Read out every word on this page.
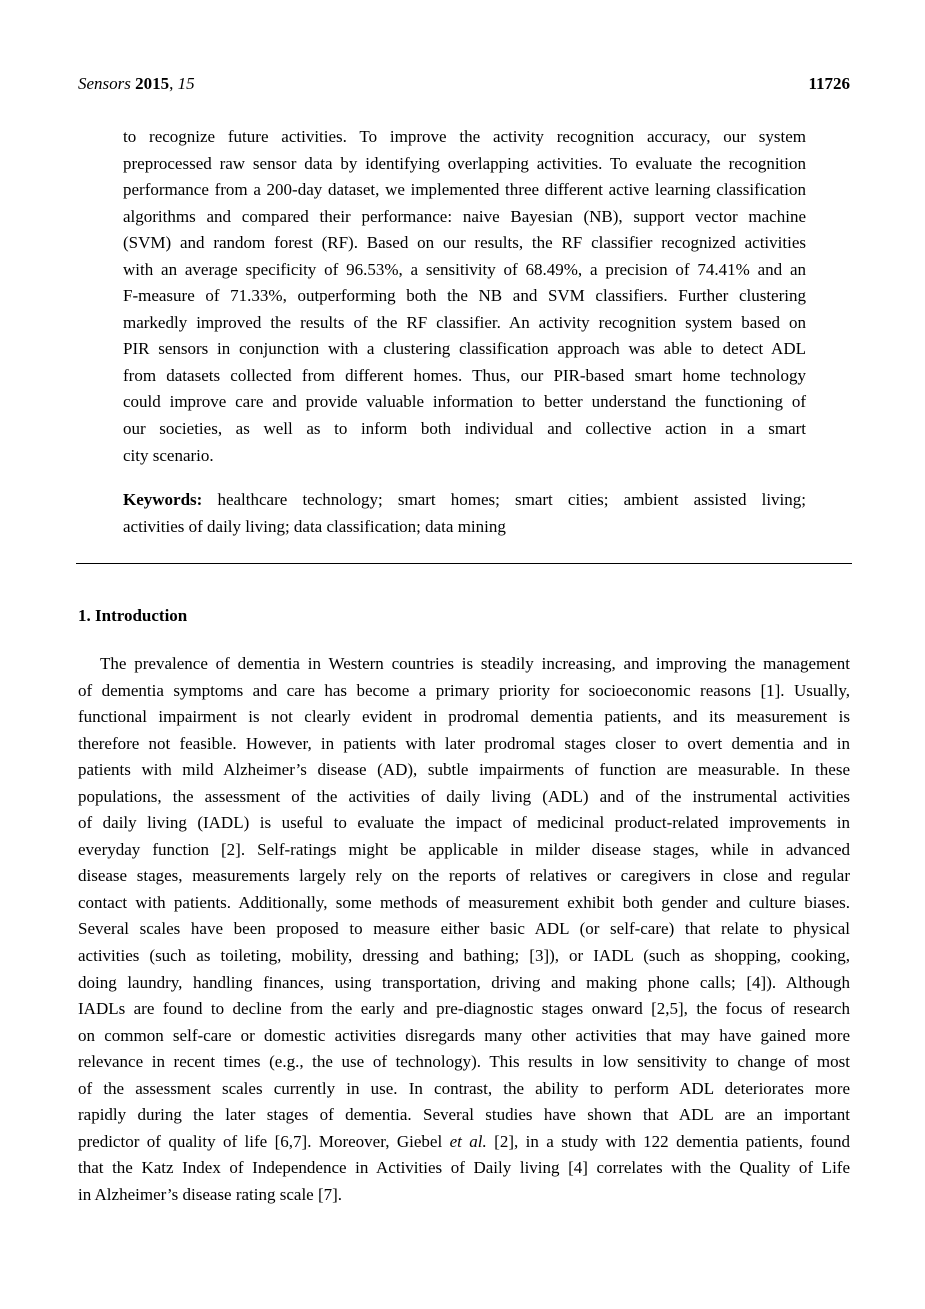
Sensors 2015, 15	11726
to recognize future activities. To improve the activity recognition accuracy, our system
preprocessed raw sensor data by identifying overlapping activities. To evaluate the recognition
performance from a 200-day dataset, we implemented three different active learning classification
algorithms and compared their performance: naive Bayesian (NB), support vector machine
(SVM) and random forest (RF). Based on our results, the RF classifier recognized activities
with an average specificity of 96.53%, a sensitivity of 68.49%, a precision of 74.41% and an
F-measure of 71.33%, outperforming both the NB and SVM classifiers. Further clustering
markedly improved the results of the RF classifier. An activity recognition system based on
PIR sensors in conjunction with a clustering classification approach was able to detect ADL
from datasets collected from different homes. Thus, our PIR-based smart home technology
could improve care and provide valuable information to better understand the functioning of
our societies, as well as to inform both individual and collective action in a smart
city scenario.
Keywords: healthcare technology; smart homes; smart cities; ambient assisted living;
activities of daily living; data classification; data mining
1. Introduction
The prevalence of dementia in Western countries is steadily increasing, and improving the management
of dementia symptoms and care has become a primary priority for socioeconomic reasons [1]. Usually,
functional impairment is not clearly evident in prodromal dementia patients, and its measurement is
therefore not feasible. However, in patients with later prodromal stages closer to overt dementia and in
patients with mild Alzheimer’s disease (AD), subtle impairments of function are measurable. In these
populations, the assessment of the activities of daily living (ADL) and of the instrumental activities
of daily living (IADL) is useful to evaluate the impact of medicinal product-related improvements in
everyday function [2]. Self-ratings might be applicable in milder disease stages, while in advanced
disease stages, measurements largely rely on the reports of relatives or caregivers in close and regular
contact with patients. Additionally, some methods of measurement exhibit both gender and culture biases.
Several scales have been proposed to measure either basic ADL (or self-care) that relate to physical
activities (such as toileting, mobility, dressing and bathing; [3]), or IADL (such as shopping, cooking,
doing laundry, handling finances, using transportation, driving and making phone calls; [4]). Although
IADLs are found to decline from the early and pre-diagnostic stages onward [2,5], the focus of research
on common self-care or domestic activities disregards many other activities that may have gained more
relevance in recent times (e.g., the use of technology). This results in low sensitivity to change of most
of the assessment scales currently in use. In contrast, the ability to perform ADL deteriorates more
rapidly during the later stages of dementia. Several studies have shown that ADL are an important
predictor of quality of life [6,7]. Moreover, Giebel et al. [2], in a study with 122 dementia patients, found
that the Katz Index of Independence in Activities of Daily living [4] correlates with the Quality of Life
in Alzheimer’s disease rating scale [7].
